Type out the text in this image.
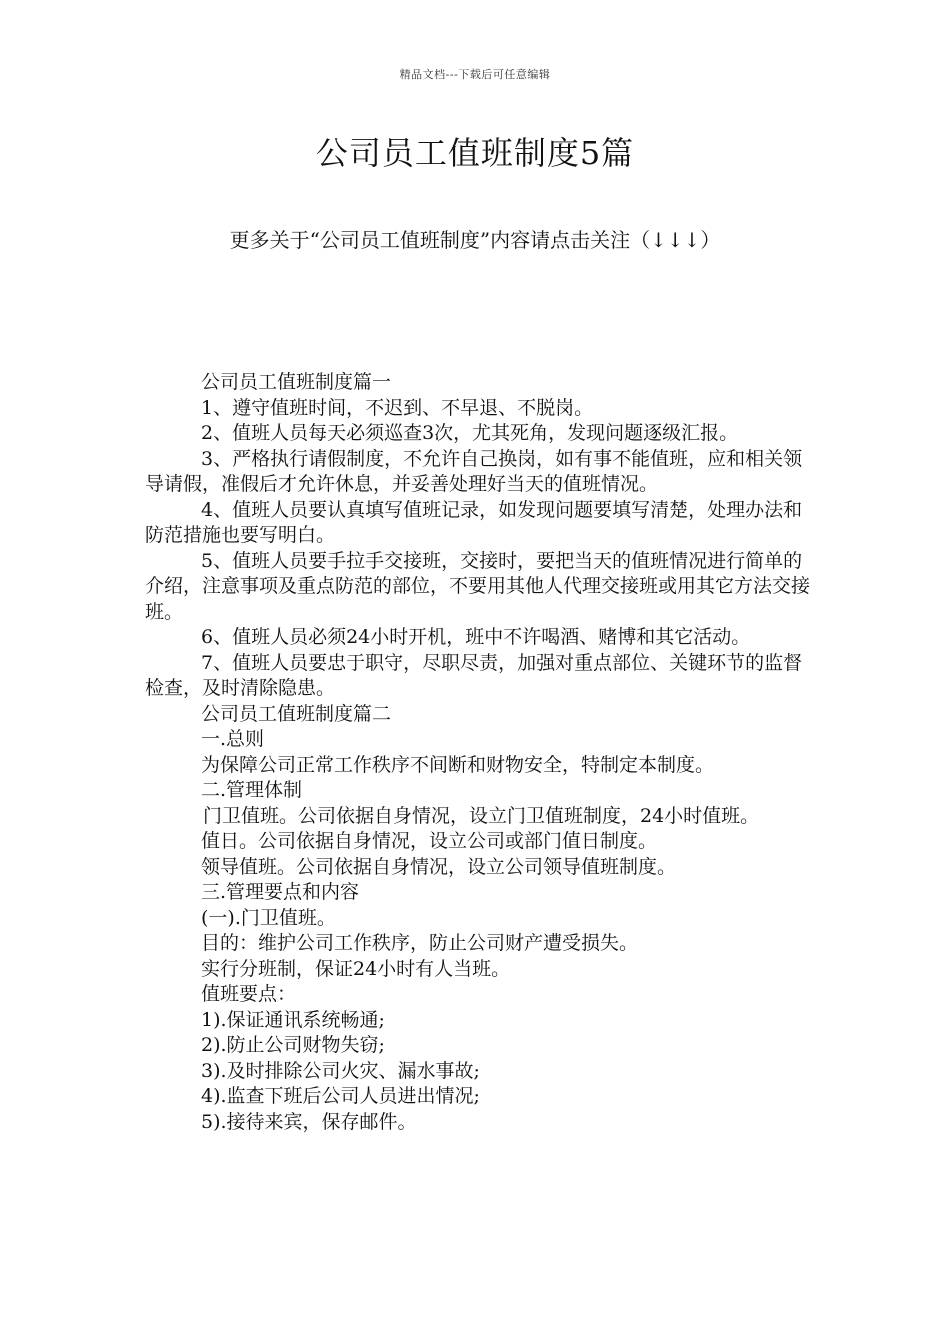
精品文档---下载后可任意编辑
公司员工值班制度5篇
更多关于“公司员工值班制度”内容请点击关注（↓↓↓）

公司员工值班制度篇一

1、遵守值班时间，不迟到、不早退、不脱岗。

2、值班人员每天必须巡查3次，尤其死角，发现问题逐级汇报。

3、严格执行请假制度，不允许自己换岗，如有事不能值班，应和相关领导请假，准假后才允许休息，并妥善处理好当天的值班情况。

4、值班人员要认真填写值班记录，如发现问题要填写清楚，处理办法和防范措施也要写明白。

5、值班人员要手拉手交接班，交接时，要把当天的值班情况进行简单的介绍，注意事项及重点防范的部位，不要用其他人代理交接班或用其它方法交接班。

6、值班人员必须24小时开机，班中不许喝酒、赌博和其它活动。

7、值班人员要忠于职守，尽职尽责，加强对重点部位、关键环节的监督检查，及时清除隐患。

公司员工值班制度篇二

一.总则

为保障公司正常工作秩序不间断和财物安全，特制定本制度。

二.管理体制

门卫值班。公司依据自身情况，设立门卫值班制度，24小时值班。

值日。公司依据自身情况，设立公司或部门值日制度。

领导值班。公司依据自身情况，设立公司领导值班制度。

三.管理要点和内容

(一).门卫值班。

目的：维护公司工作秩序，防止公司财产遭受损失。

实行分班制，保证24小时有人当班。

值班要点：

1).保证通讯系统畅通;

2).防止公司财物失窃;

3).及时排除公司火灾、漏水事故;

4).监查下班后公司人员进出情况;

5).接待来宾，保存邮件。
